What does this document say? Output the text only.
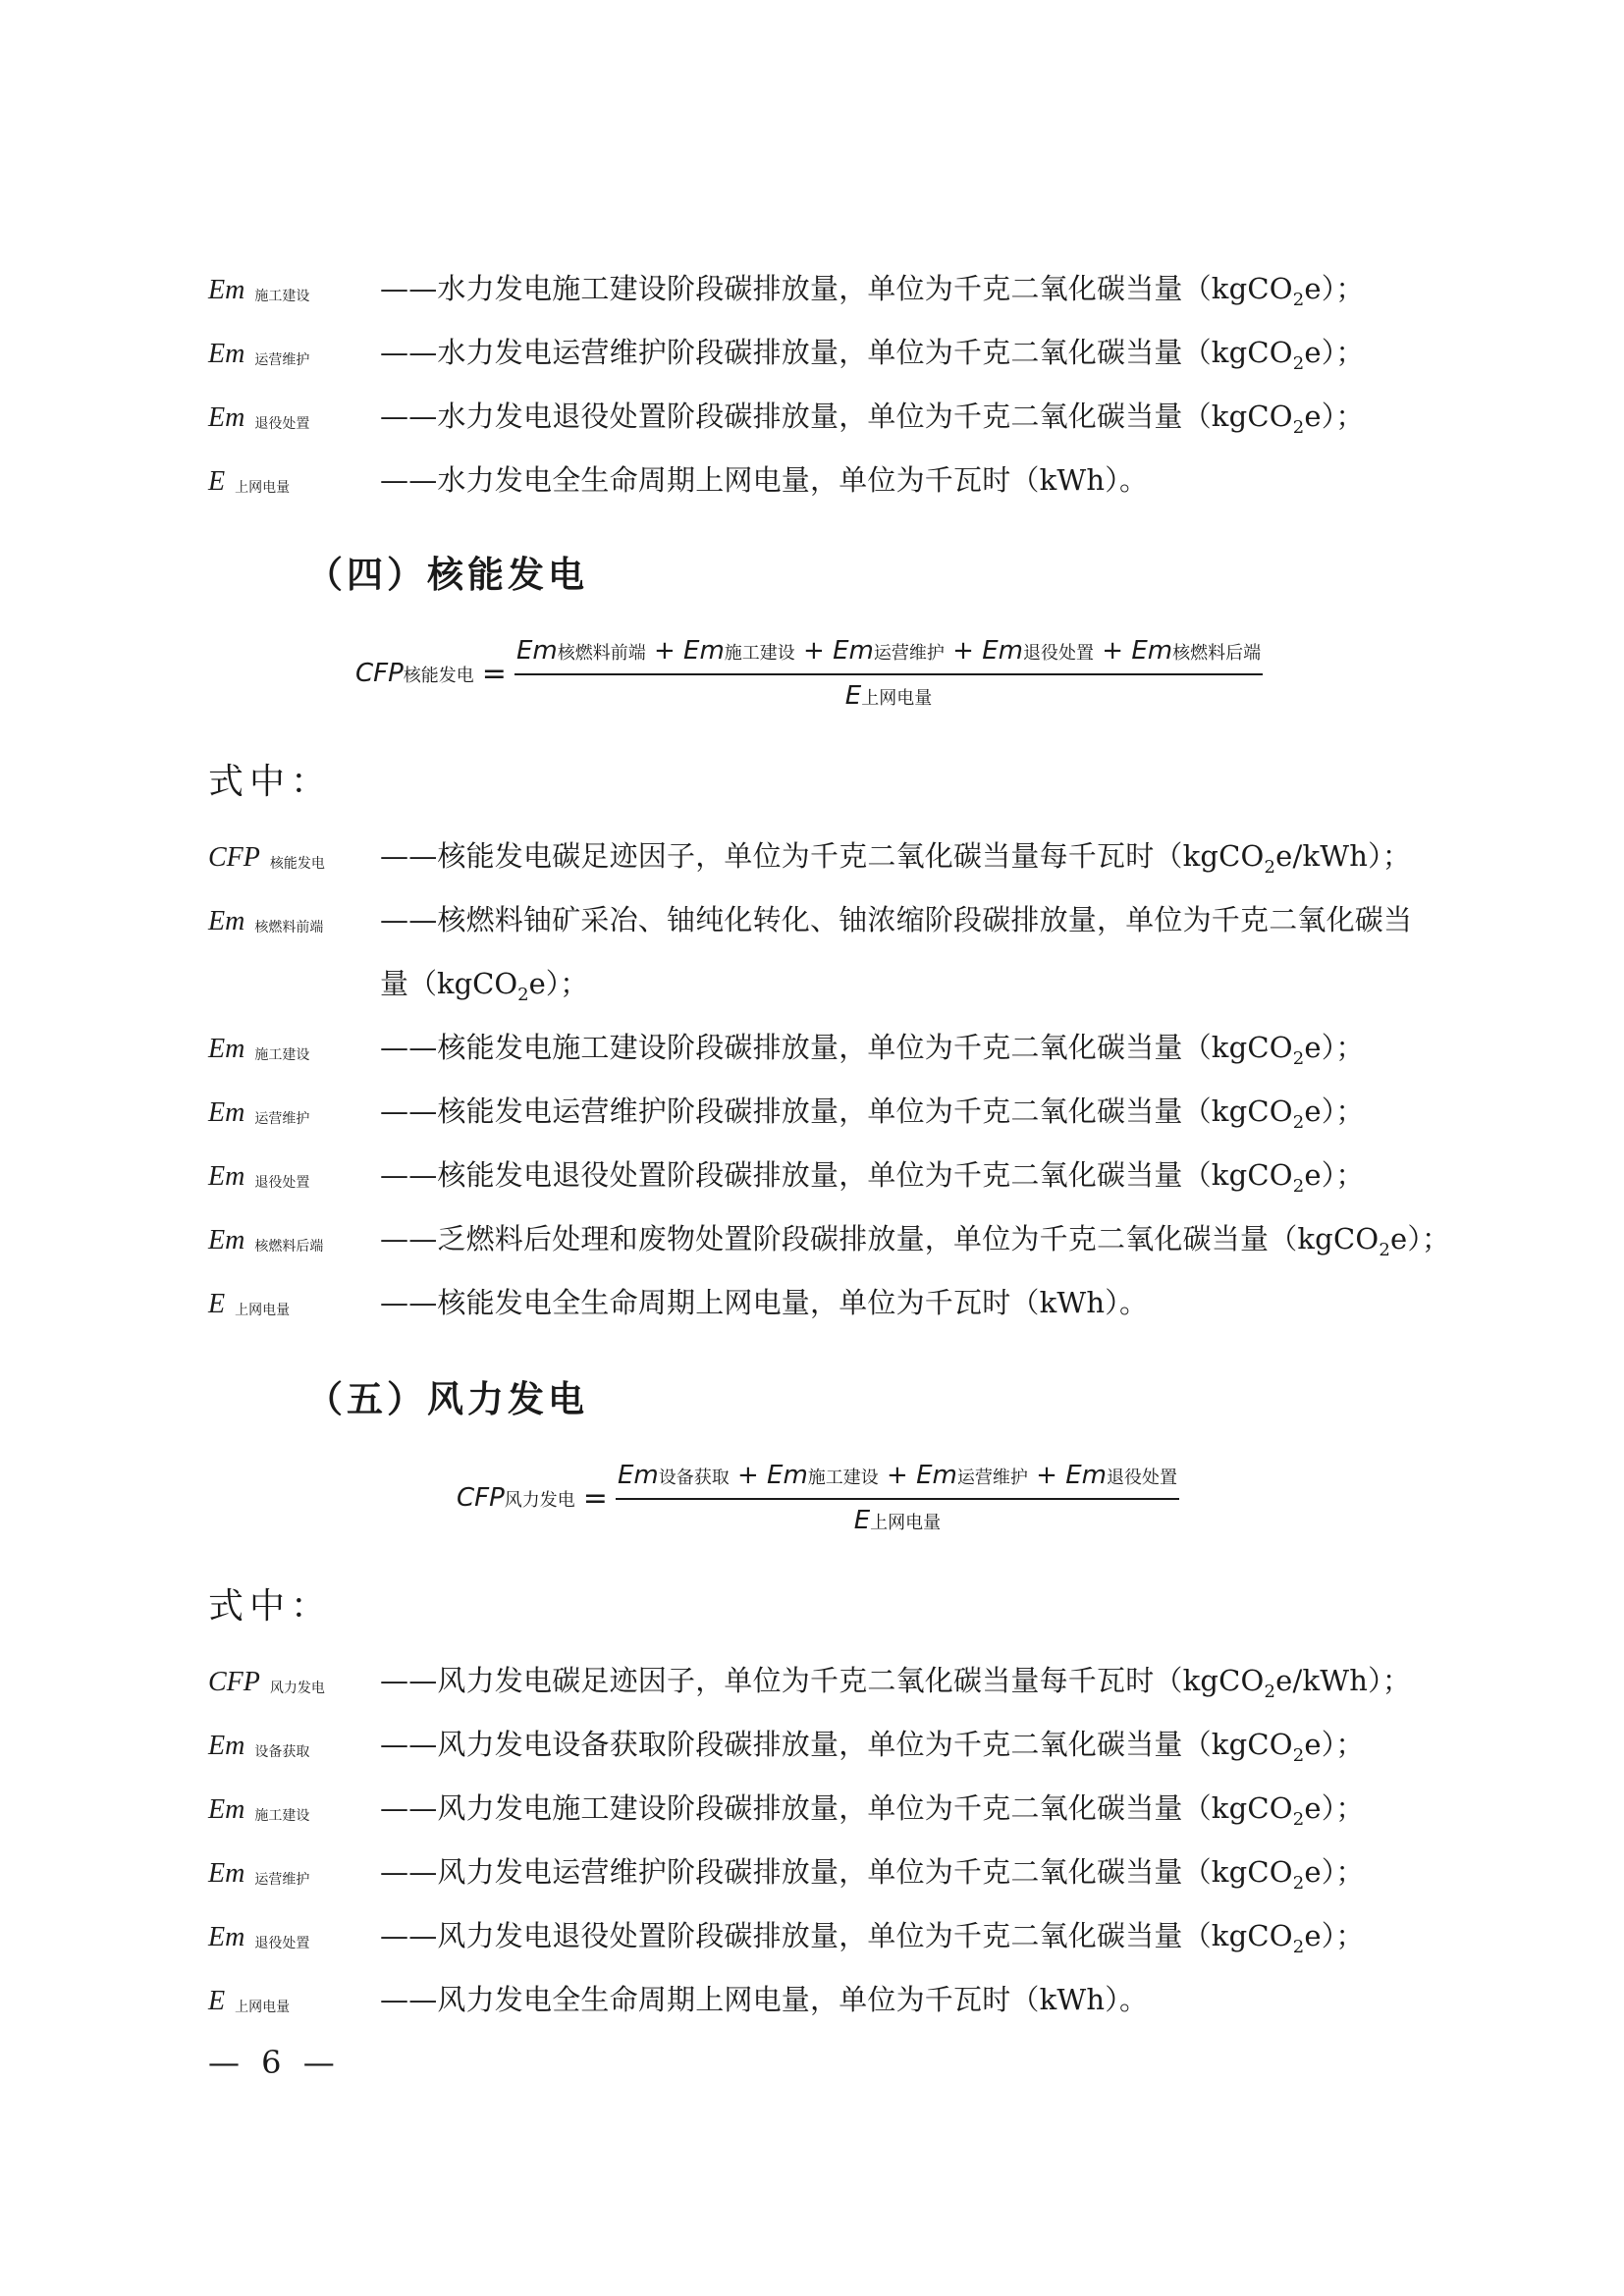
Em 施工建设	——水力发电施工建设阶段碳排放量，单位为千克二氧化碳当量（kgCO$_2$e）；
Em 运营维护	——水力发电运营维护阶段碳排放量，单位为千克二氧化碳当量（kgCO$_2$e）；
Em 退役处置	——水力发电退役处置阶段碳排放量，单位为千克二氧化碳当量（kgCO$_2$e）；
E上网电量	——水力发电全生命周期上网电量，单位为千瓦时（kWh）。
（四）核能发电
CFP核能发电 = $\frac{\text{Em核燃料前端 + Em施工建设 + Em运营维护 + Em退役处置 + Em核燃料后端}}{\text{E上网电量}}$
式中：
CFP 核能发电	——核能发电碳足迹因子，单位为千克二氧化碳当量每千瓦时（kgCO$_2$e/kWh）；
Em 核燃料前端	——核燃料铀矿采冶、铀纯化转化、铀浓缩阶段碳排放量，单位为千克二氧化碳当
量（kgCO$_2$e）；
Em 施工建设	——核能发电施工建设阶段碳排放量，单位为千克二氧化碳当量（kgCO$_2$e）；
Em 运营维护	——核能发电运营维护阶段碳排放量，单位为千克二氧化碳当量（kgCO$_2$e）；
Em 退役处置	——核能发电退役处置阶段碳排放量，单位为千克二氧化碳当量（kgCO$_2$e）；
Em 核燃料后端	——乏燃料后处理和废物处置阶段碳排放量，单位为千克二氧化碳当量（kgCO$_2$e）；
E上网电量	——核能发电全生命周期上网电量，单位为千瓦时（kWh）。
（五）风力发电
CFP风力发电 = $\frac{\text{Em设备获取 + Em施工建设 + Em运营维护 + Em退役处置}}{\text{E上网电量}}$
式中：
CFP 风力发电	——风力发电碳足迹因子，单位为千克二氧化碳当量每千瓦时（kgCO$_2$e/kWh）；
Em 设备获取	——风力发电设备获取阶段碳排放量，单位为千克二氧化碳当量（kgCO$_2$e）；
Em 施工建设	——风力发电施工建设阶段碳排放量，单位为千克二氧化碳当量（kgCO$_2$e）；
Em 运营维护	——风力发电运营维护阶段碳排放量，单位为千克二氧化碳当量（kgCO$_2$e）；
Em 退役处置	——风力发电退役处置阶段碳排放量，单位为千克二氧化碳当量（kgCO$_2$e）；
E上网电量	——风力发电全生命周期上网电量，单位为千瓦时（kWh）。
— 6 —
